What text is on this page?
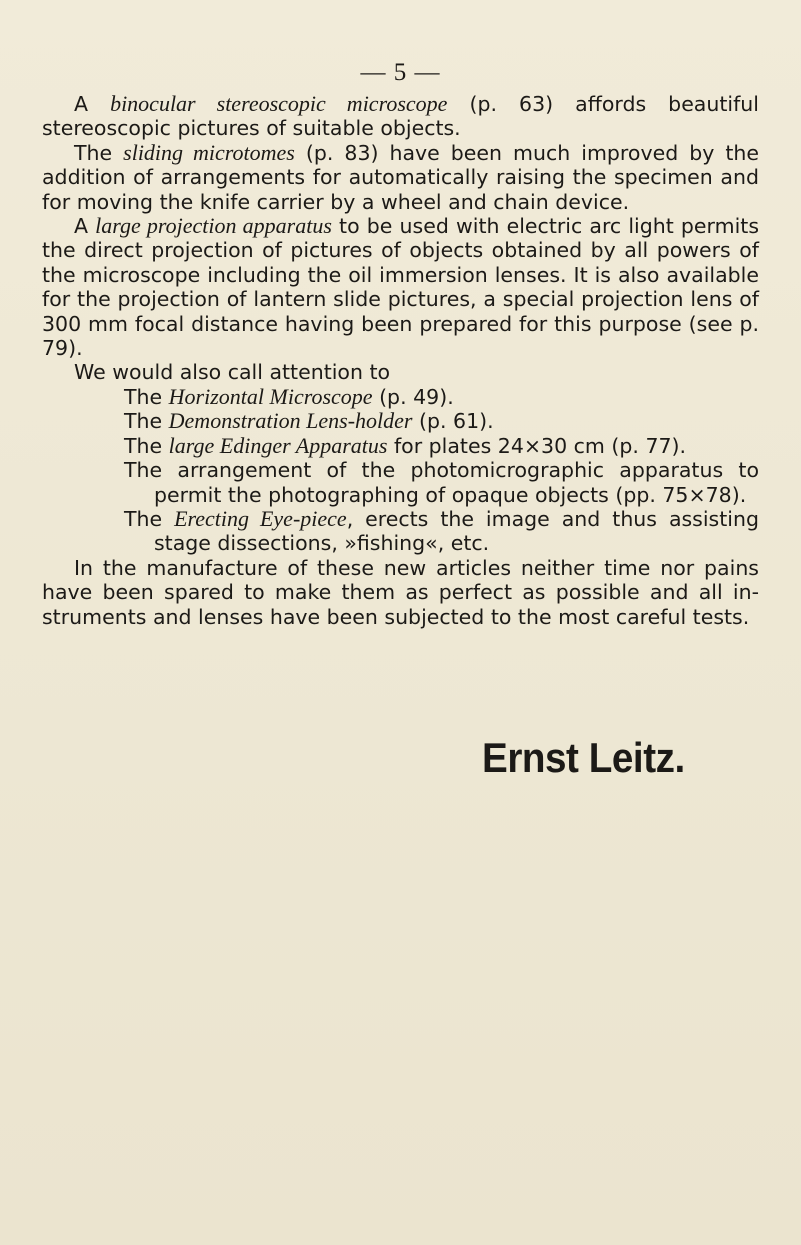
— 5 —

A binocular stereoscopic microscope (p. 63) affords beautiful stereoscopic pictures of suitable objects.

The sliding microtomes (p. 83) have been much improved by the addition of arrangements for automatically raising the specimen and for moving the knife carrier by a wheel and chain device.

A large projection apparatus to be used with electric arc light permits the direct projection of pictures of objects obtained by all powers of the microscope including the oil immersion lenses. It is also available for the projection of lantern slide pictures, a special projection lens of 300 mm focal distance having been prepared for this purpose (see p. 79).

We would also call attention to

The Horizontal Microscope (p. 49).

The Demonstration Lens-holder (p. 61).

The large Edinger Apparatus for plates 24×30 cm (p. 77).

The arrangement of the photomicrographic apparatus to permit the photographing of opaque objects (pp. 75×78).

The Erecting Eye-piece, erects the image and thus assisting stage dissections, »fishing«, etc.

In the manufacture of these new articles neither time nor pains have been spared to make them as perfect as possible and all instruments and lenses have been subjected to the most careful tests.

Ernst Leitz.
